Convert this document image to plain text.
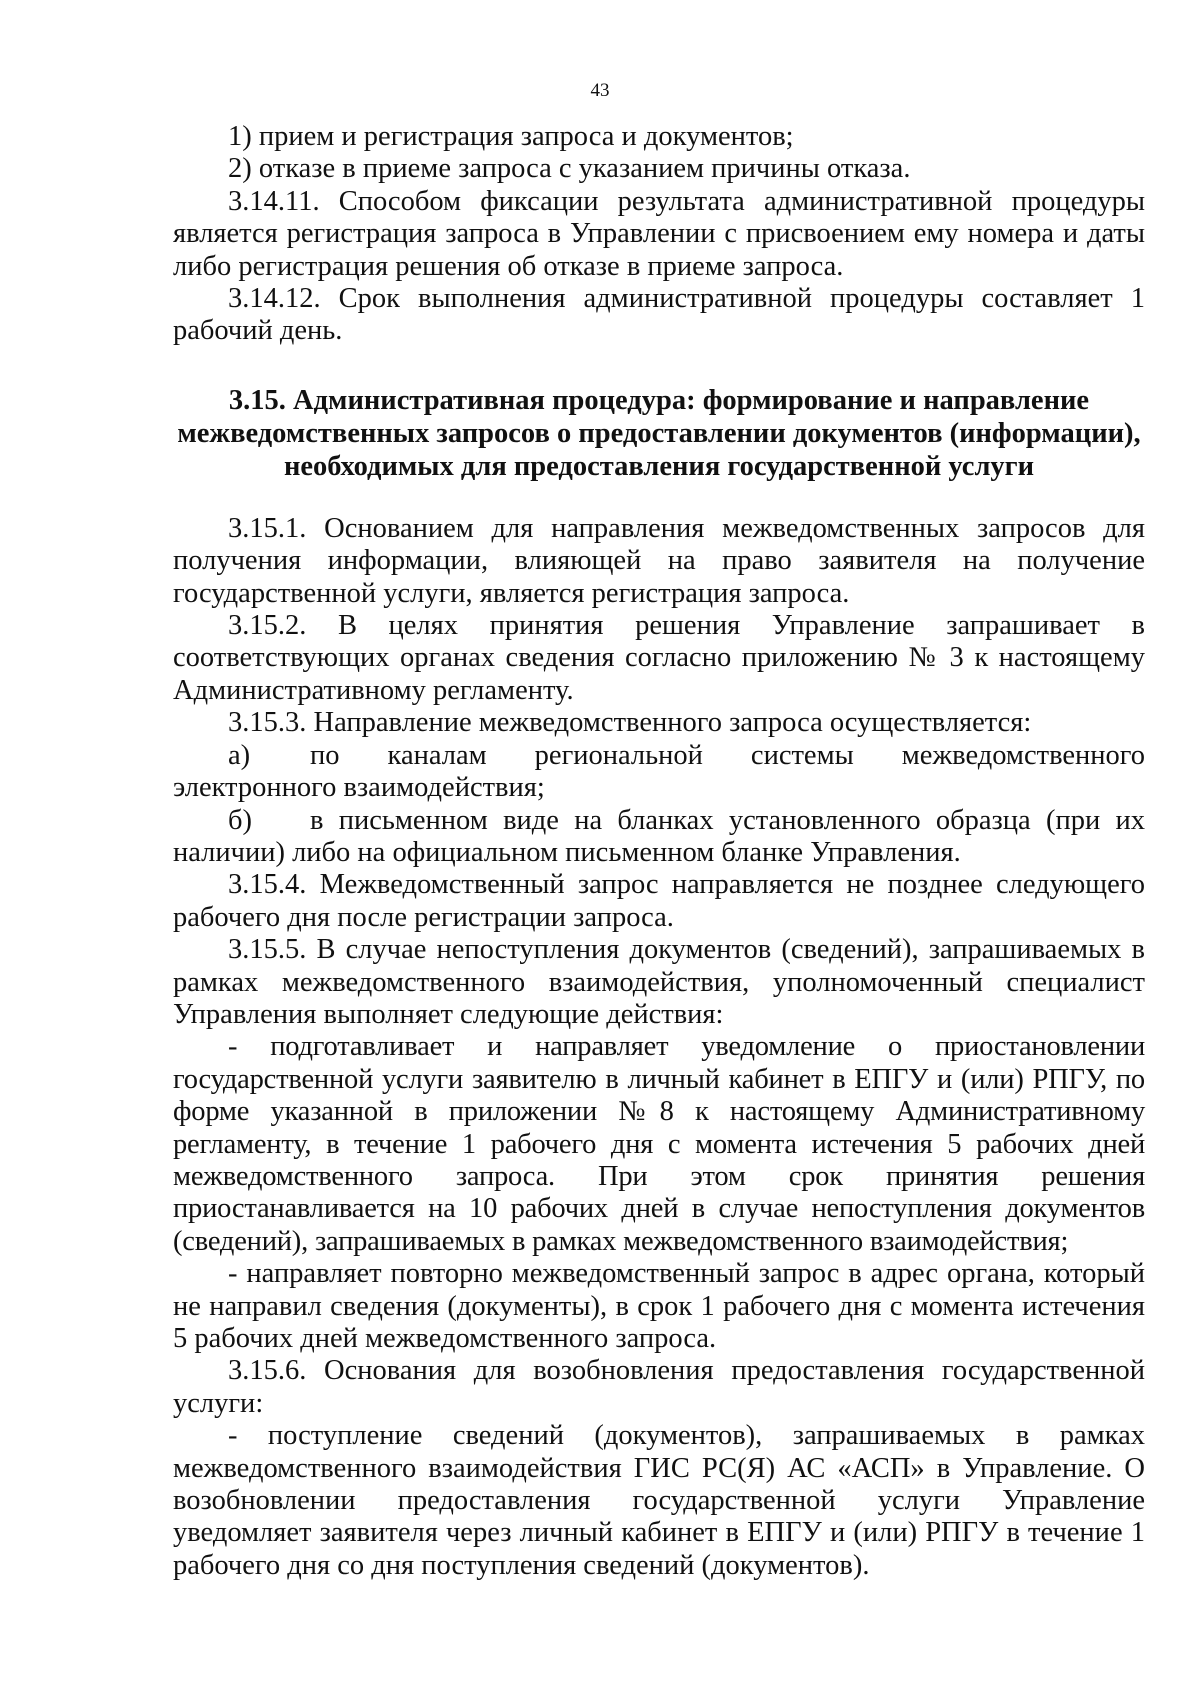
43

1) прием и регистрация запроса и документов;

2) отказе в приеме запроса с указанием причины отказа.

3.14.11. Способом фиксации результата административной процедуры является регистрация запроса в Управлении с присвоением ему номера и даты либо регистрация решения об отказе в приеме запроса.

3.14.12. Срок выполнения административной процедуры составляет 1 рабочий день.

3.15. Административная процедура: формирование и направление
межведомственных запросов о предоставлении документов (информации),
необходимых для предоставления государственной услуги

3.15.1. Основанием для направления межведомственных запросов для получения информации, влияющей на право заявителя на получение государственной услуги, является регистрация запроса.

3.15.2. В целях принятия решения Управление запрашивает в соответствующих органах сведения согласно приложению № 3 к настоящему Административному регламенту.

3.15.3. Направление межведомственного запроса осуществляется:

а) по каналам региональной системы межведомственного электронного взаимодействия;

б) в письменном виде на бланках установленного образца (при их наличии) либо на официальном письменном бланке Управления.

3.15.4. Межведомственный запрос направляется не позднее следующего рабочего дня после регистрации запроса.

3.15.5. В случае непоступления документов (сведений), запрашиваемых в рамках межведомственного взаимодействия, уполномоченный специалист Управления выполняет следующие действия:

- подготавливает и направляет уведомление о приостановлении государственной услуги заявителю в личный кабинет в ЕПГУ и (или) РПГУ, по форме указанной в приложении №8 к настоящему Административному регламенту, в течение 1 рабочего дня с момента истечения 5 рабочих дней межведомственного запроса. При этом срок принятия решения приостанавливается на 10 рабочих дней в случае непоступления документов (сведений), запрашиваемых в рамках межведомственного взаимодействия;

- направляет повторно межведомственный запрос в адрес органа, который не направил сведения (документы), в срок 1 рабочего дня с момента истечения 5 рабочих дней межведомственного запроса.

3.15.6. Основания для возобновления предоставления государственной услуги:

- поступление сведений (документов), запрашиваемых в рамках межведомственного взаимодействия ГИС РС(Я) АС «АСП» в Управление. О возобновлении предоставления государственной услуги Управление уведомляет заявителя через личный кабинет в ЕПГУ и (или) РПГУ в течение 1 рабочего дня со дня поступления сведений (документов).
